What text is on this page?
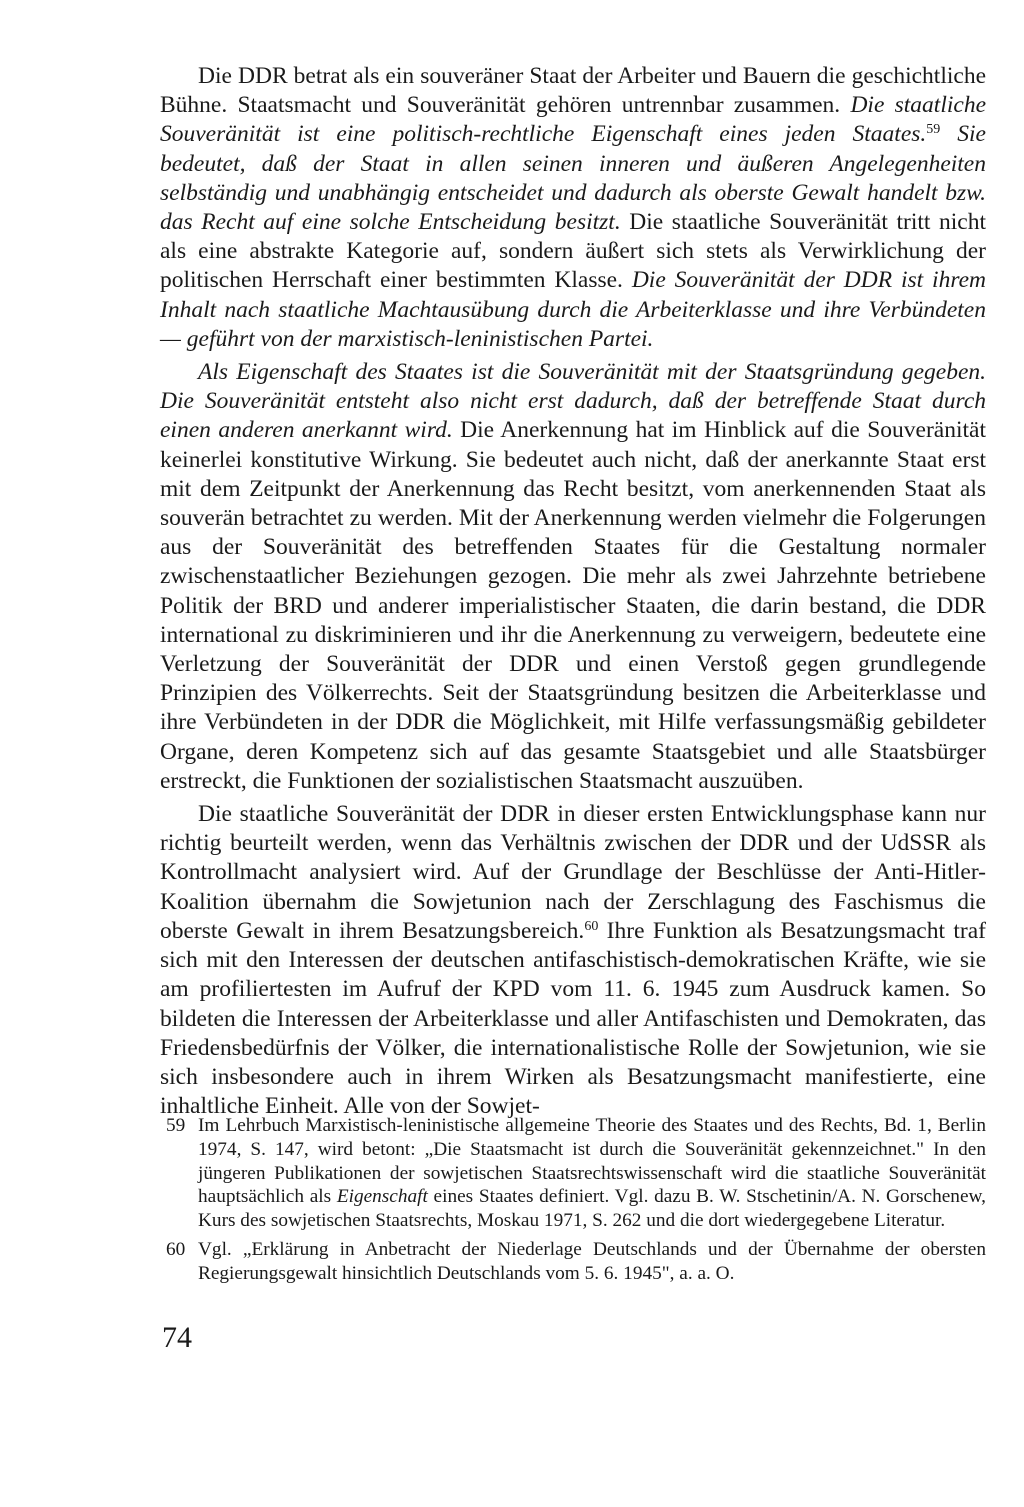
Die DDR betrat als ein souveräner Staat der Arbeiter und Bauern die geschichtliche Bühne. Staatsmacht und Souveränität gehören untrennbar zusammen. Die staatliche Souveränität ist eine politisch-rechtliche Eigenschaft eines jeden Staates.$^{59}$ Sie bedeutet, daß der Staat in allen seinen inneren und äußeren Angelegenheiten selbständig und unabhängig entscheidet und dadurch als oberste Gewalt handelt bzw. das Recht auf eine solche Entscheidung besitzt. Die staatliche Souveränität tritt nicht als eine abstrakte Kategorie auf, sondern äußert sich stets als Verwirklichung der politischen Herrschaft einer bestimmten Klasse. Die Souveränität der DDR ist ihrem Inhalt nach staatliche Machtausübung durch die Arbeiterklasse und ihre Verbündeten — geführt von der marxistisch-leninistischen Partei.

Als Eigenschaft des Staates ist die Souveränität mit der Staatsgründung gegeben. Die Souveränität entsteht also nicht erst dadurch, daß der betreffende Staat durch einen anderen anerkannt wird. Die Anerkennung hat im Hinblick auf die Souveränität keinerlei konstitutive Wirkung. Sie bedeutet auch nicht, daß der anerkannte Staat erst mit dem Zeitpunkt der Anerkennung das Recht besitzt, vom anerkennenden Staat als souverän betrachtet zu werden. Mit der Anerkennung werden vielmehr die Folgerungen aus der Souveränität des betreffenden Staates für die Gestaltung normaler zwischenstaatlicher Beziehungen gezogen. Die mehr als zwei Jahrzehnte betriebene Politik der BRD und anderer imperialistischer Staaten, die darin bestand, die DDR international zu diskriminieren und ihr die Anerkennung zu verweigern, bedeutete eine Verletzung der Souveränität der DDR und einen Verstoß gegen grundlegende Prinzipien des Völkerrechts. Seit der Staatsgründung besitzen die Arbeiterklasse und ihre Verbündeten in der DDR die Möglichkeit, mit Hilfe verfassungsmäßig gebildeter Organe, deren Kompetenz sich auf das gesamte Staatsgebiet und alle Staatsbürger erstreckt, die Funktionen der sozialistischen Staatsmacht auszuüben.

Die staatliche Souveränität der DDR in dieser ersten Entwicklungsphase kann nur richtig beurteilt werden, wenn das Verhältnis zwischen der DDR und der UdSSR als Kontrollmacht analysiert wird. Auf der Grundlage der Beschlüsse der Anti-Hitler-Koalition übernahm die Sowjetunion nach der Zerschlagung des Faschismus die oberste Gewalt in ihrem Besatzungsbereich.$^{60}$ Ihre Funktion als Besatzungsmacht traf sich mit den Interessen der deutschen antifaschistisch-demokratischen Kräfte, wie sie am profiliertesten im Aufruf der KPD vom 11. 6. 1945 zum Ausdruck kamen. So bildeten die Interessen der Arbeiterklasse und aller Antifaschisten und Demokraten, das Friedensbedürfnis der Völker, die internationalistische Rolle der Sowjetunion, wie sie sich insbesondere auch in ihrem Wirken als Besatzungsmacht manifestierte, eine inhaltliche Einheit. Alle von der Sowjet-

59 Im Lehrbuch Marxistisch-leninistische allgemeine Theorie des Staates und des Rechts, Bd. 1, Berlin 1974, S. 147, wird betont: „Die Staatsmacht ist durch die Souveränität gekennzeichnet." In den jüngeren Publikationen der sowjetischen Staatsrechtswissenschaft wird die staatliche Souveränität hauptsächlich als Eigenschaft eines Staates definiert. Vgl. dazu B. W. Stschetinin/A. N. Gorschenew, Kurs des sowjetischen Staatsrechts, Moskau 1971, S. 262 und die dort wiedergegebene Literatur.
60 Vgl. „Erklärung in Anbetracht der Niederlage Deutschlands und der Übernahme der obersten Regierungsgewalt hinsichtlich Deutschlands vom 5. 6. 1945", a. a. O.
74
